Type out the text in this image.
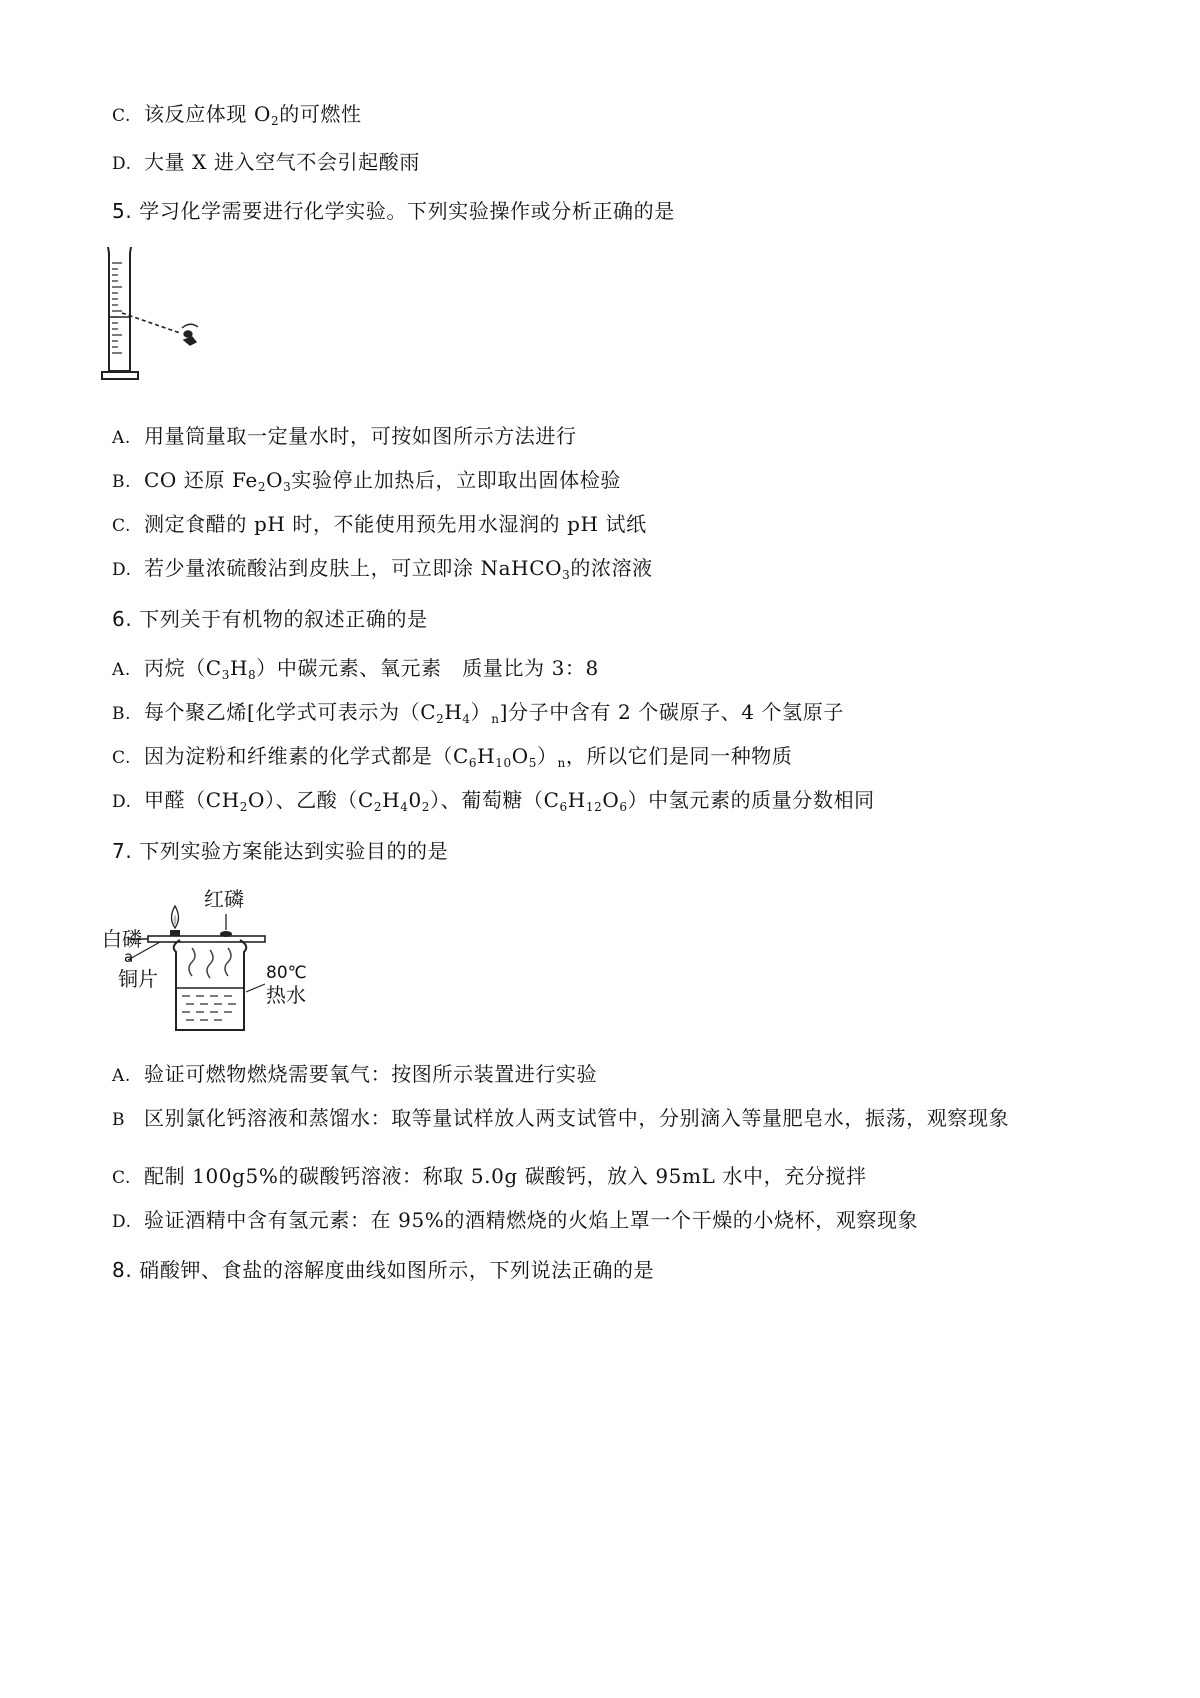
C. 该反应体现 $O_2$的可燃性
D. 大量 X 进入空气不会引起酸雨
5. 学习化学需要进行化学实验。下列实验操作或分析正确的是
A. 用量筒量取一定量水时，可按如图所示方法进行
B. CO 还原 $Fe_2O_3$实验停止加热后，立即取出固体检验
C. 测定食醋的 pH 时，不能使用预先用水湿润的 pH 试纸
D. 若少量浓硫酸沾到皮肤上，可立即涂 NaHCO$_3$的浓溶液
6. 下列关于有机物的叙述正确的是
A. 丙烷$(C_3H_8)$中碳元素、氧元素　质量比为 3：8
B. 每个聚乙烯[化学式可表示为$(C_2H_4)_n$]分子中含有 2 个碳原子、4 个氢原子
C. 因为淀粉和纤维素的化学式都是$(C_6H_{10}O_5)_n$，所以它们是同一种物质
D. 甲醛$(CH_2O)$、乙酸$(C_2H_40_2)$、葡萄糖$(C_6H_{12}O_6)$中氢元素的质量分数相同
7. 下列实验方案能达到实验目的的是
红磷
白磷
a
铜片	80℃
热水
A. 验证可燃物燃烧需要氧气：按图所示装置进行实验
B 区别氯化钙溶液和蒸馏水：取等量试样放人两支试管中，分别滴入等量肥皂水，振荡，观察现象
C. 配制 100g5%的碳酸钙溶液：称取 5.0g 碳酸钙，放入 95mL 水中，充分搅拌
D. 验证酒精中含有氢元素：在 95%的酒精燃烧的火焰上罩一个干燥的小烧杯，观察现象
8. 硝酸钾、食盐的溶解度曲线如图所示，下列说法正确的是
